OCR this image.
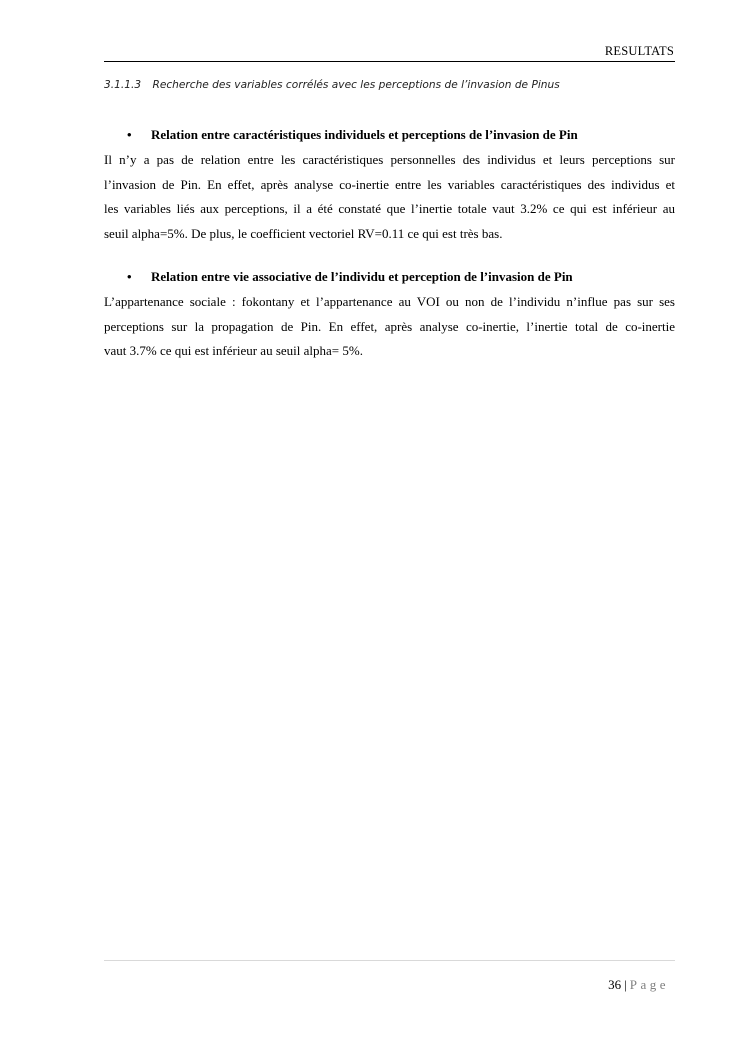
RESULTATS
3.1.1.3 Recherche des variables corrélés avec les perceptions de l’invasion de Pinus
• Relation entre caractéristiques individuels et perceptions de l’invasion de Pin
Il n’y a pas de relation entre les caractéristiques personnelles des individus et leurs perceptions sur
l’invasion de Pin. En effet, après analyse co-inertie entre les variables caractéristiques des individus et
les variables liés aux perceptions, il a été constaté que l’inertie totale vaut 3.2% ce qui est inférieur au
seuil alpha=5%. De plus, le coefficient vectoriel RV=0.11 ce qui est très bas.
• Relation entre vie associative de l’individu et perception de l’invasion de Pin
L’appartenance sociale : fokontany et l’appartenance au VOI ou non de l’individu n’influe pas sur ses
perceptions sur la propagation de Pin. En effet, après analyse co-inertie, l’inertie total de co-inertie
vaut 3.7% ce qui est inférieur au seuil alpha= 5%.
36 | Page
